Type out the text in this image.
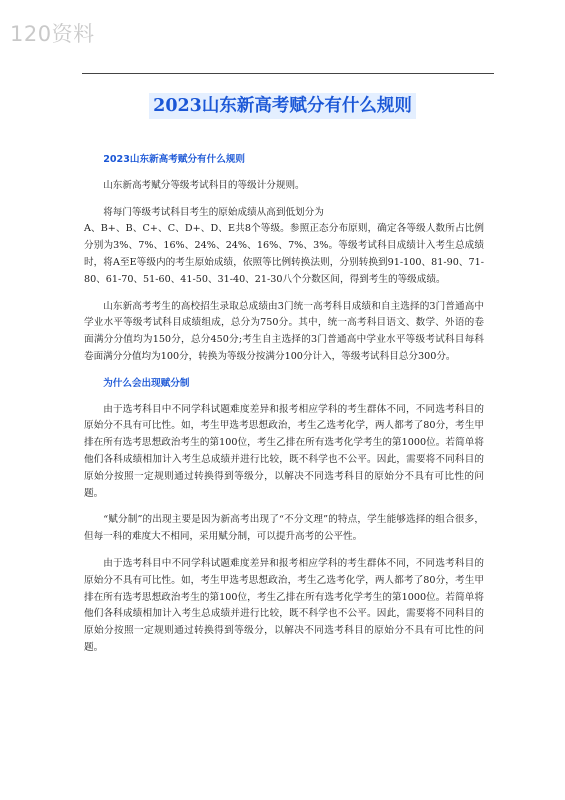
120资料
2023山东新高考赋分有什么规则
2023山东新高考赋分有什么规则

山东新高考赋分等级考试科目的等级计分规则。

将每门等级考试科目考生的原始成绩从高到低划分为

A、B+、B、C+、C、D+、D、E共8个等级。参照正态分布原则，确定各等级人数所占比例分别为3%、7%、16%、24%、24%、16%、7%、3%。等级考试科目成绩计入考生总成绩时，将A至E等级内的考生原始成绩，依照等比例转换法则，分别转换到91-100、81-90、71-80、61-70、51-60、41-50、31-40、21-30八个分数区间，得到考生的等级成绩。

山东新高考考生的高校招生录取总成绩由3门统一高考科目成绩和自主选择的3门普通高中学业水平等级考试科目成绩组成，总分为750分。其中，统一高考科目语文、数学、外语的卷面满分分值均为150分，总分450分;考生自主选择的3门普通高中学业水平等级考试科目每科卷面满分分值均为100分，转换为等级分按满分100分计入，等级考试科目总分300分。

为什么会出现赋分制

由于选考科目中不同学科试题难度差异和报考相应学科的考生群体不同，不同选考科目的原始分不具有可比性。如，考生甲选考思想政治，考生乙选考化学，两人都考了80分，考生甲排在所有选考思想政治考生的第100位，考生乙排在所有选考化学考生的第1000位。若简单将他们各科成绩相加计入考生总成绩并进行比较，既不科学也不公平。因此，需要将不同科目的原始分按照一定规则通过转换得到等级分，以解决不同选考科目的原始分不具有可比性的问题。

“赋分制”的出现主要是因为新高考出现了“不分文理”的特点，学生能够选择的组合很多，但每一科的难度大不相同，采用赋分制，可以提升高考的公平性。

由于选考科目中不同学科试题难度差异和报考相应学科的考生群体不同，不同选考科目的原始分不具有可比性。如，考生甲选考思想政治，考生乙选考化学，两人都考了80分，考生甲排在所有选考思想政治考生的第100位，考生乙排在所有选考化学考生的第1000位。若简单将他们各科成绩相加计入考生总成绩并进行比较，既不科学也不公平。因此，需要将不同科目的原始分按照一定规则通过转换得到等级分，以解决不同选考科目的原始分不具有可比性的问题。
